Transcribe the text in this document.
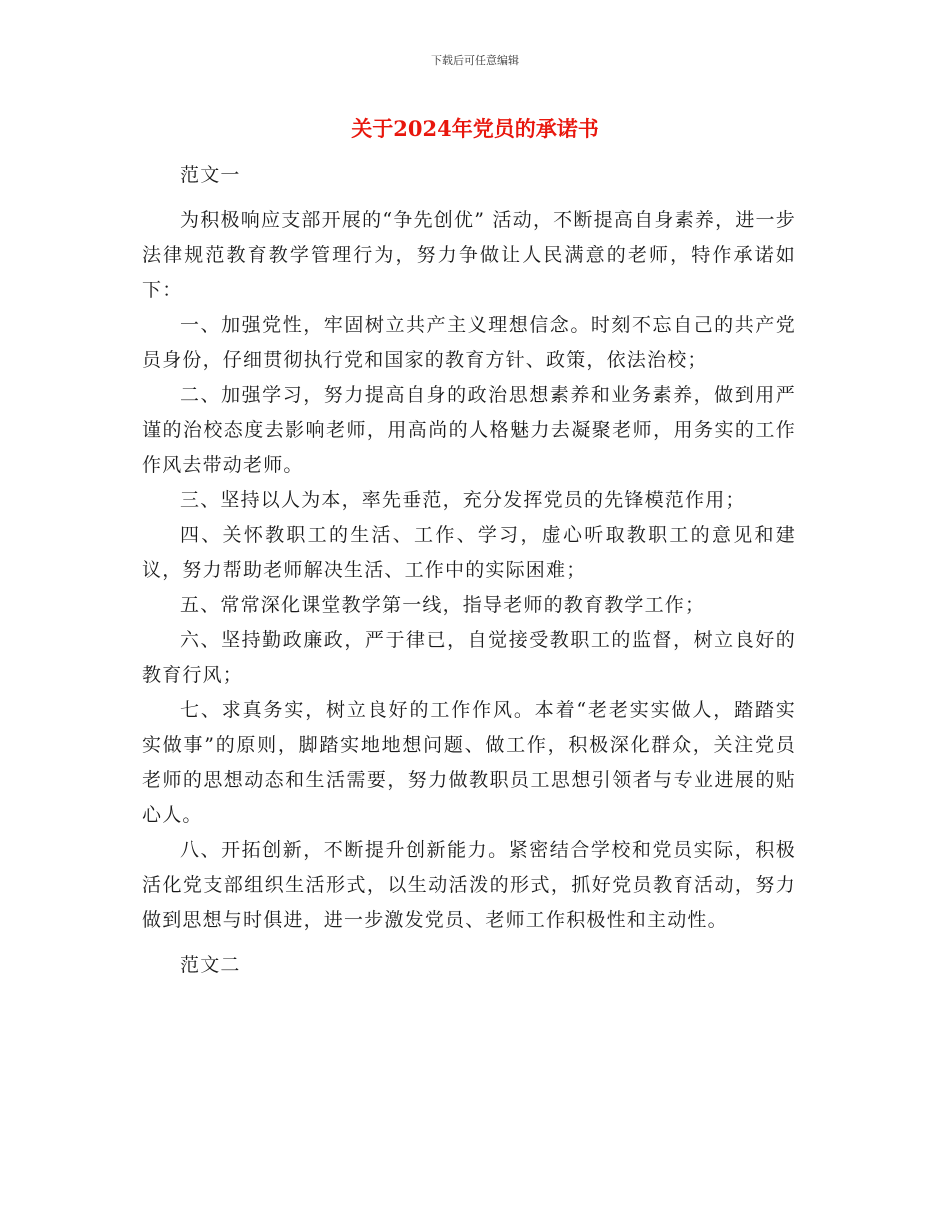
下载后可任意编辑
关于2024年党员的承诺书

范文一

为积极响应支部开展的“争先创优” 活动，不断提高自身素养，进一步法律规范教育教学管理行为，努力争做让人民满意的老师，特作承诺如下：

一、加强党性，牢固树立共产主义理想信念。时刻不忘自己的共产党员身份，仔细贯彻执行党和国家的教育方针、政策，依法治校；

二、加强学习，努力提高自身的政治思想素养和业务素养，做到用严谨的治校态度去影响老师，用高尚的人格魅力去凝聚老师，用务实的工作作风去带动老师。

三、坚持以人为本，率先垂范，充分发挥党员的先锋模范作用；

四、关怀教职工的生活、工作、学习，虚心听取教职工的意见和建议，努力帮助老师解决生活、工作中的实际困难；

五、常常深化课堂教学第一线，指导老师的教育教学工作；

六、坚持勤政廉政，严于律已，自觉接受教职工的监督，树立良好的教育行风；

七、求真务实，树立良好的工作作风。本着“老老实实做人，踏踏实实做事”的原则，脚踏实地地想问题、做工作，积极深化群众，关注党员老师的思想动态和生活需要，努力做教职员工思想引领者与专业进展的贴心人。

八、开拓创新，不断提升创新能力。紧密结合学校和党员实际，积极活化党支部组织生活形式，以生动活泼的形式，抓好党员教育活动，努力做到思想与时俱进，进一步激发党员、老师工作积极性和主动性。

范文二
